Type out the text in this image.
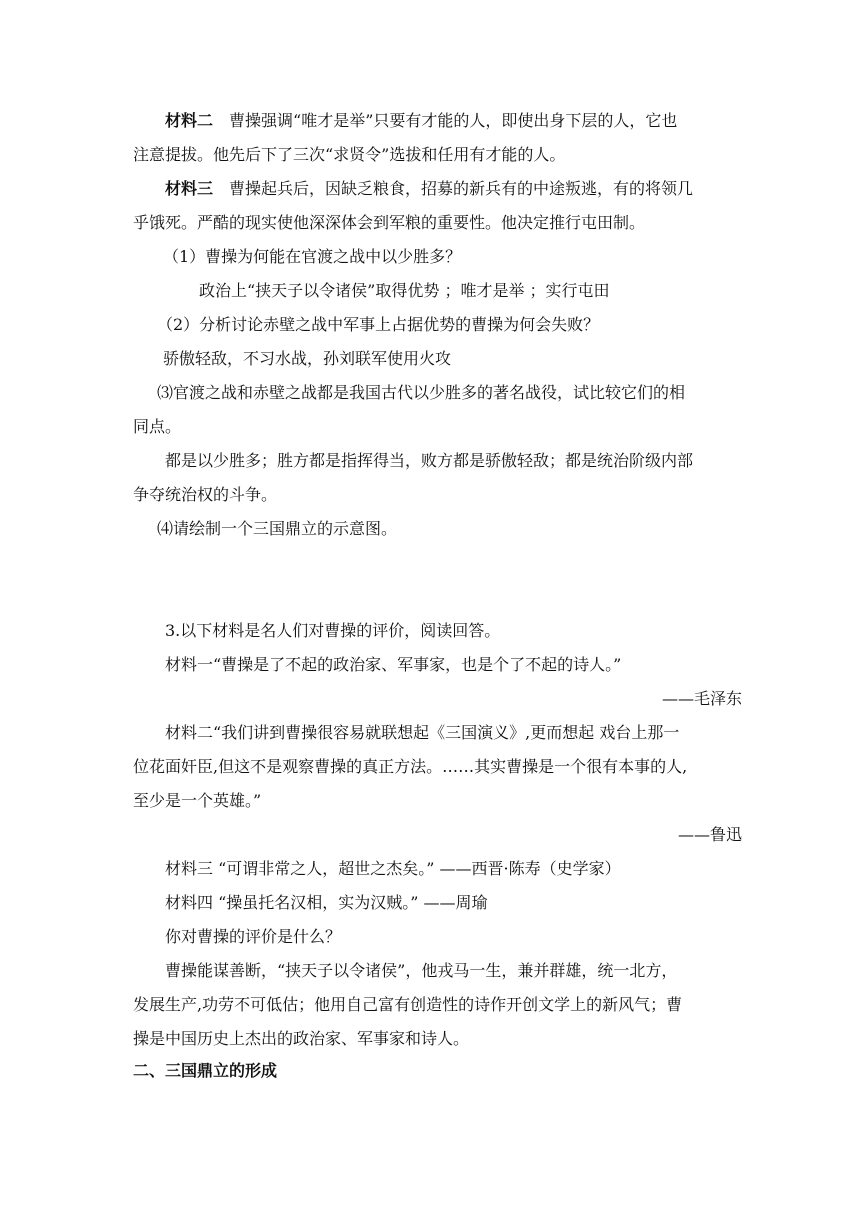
材料二  曹操强调“唯才是举”只要有才能的人，即使出身下层的人，它也
注意提拔。他先后下了三次“求贤令”选拔和任用有才能的人。
材料三  曹操起兵后，因缺乏粮食，招募的新兵有的中途叛逃，有的将领几
乎饿死。严酷的现实使他深深体会到军粮的重要性。他决定推行屯田制。
（1）曹操为何能在官渡之战中以少胜多？
政治上“挟天子以令诸侯”取得优势 ；唯才是举 ；实行屯田
（2）分析讨论赤壁之战中军事上占据优势的曹操为何会失败？
骄傲轻敌，不习水战，孙刘联军使用火攻
⑶官渡之战和赤壁之战都是我国古代以少胜多的著名战役，试比较它们的相
同点。
都是以少胜多；胜方都是指挥得当，败方都是骄傲轻敌；都是统治阶级内部
争夺统治权的斗争。
⑷请绘制一个三国鼎立的示意图。
3.以下材料是名人们对曹操的评价，阅读回答。
材料一“曹操是了不起的政治家、军事家，也是个了不起的诗人。”
——毛泽东
材料二“我们讲到曹操很容易就联想起《三国演义》,更而想起 戏台上那一
位花面奸臣,但这不是观察曹操的真正方法。……其实曹操是一个很有本事的人,
至少是一个英雄。”
——鲁迅
材料三 “可谓非常之人，超世之杰矣。” ——西晋·陈寿（史学家）
材料四 “操虽托名汉相，实为汉贼。” ——周瑜
你对曹操的评价是什么？
曹操能谋善断，“挟天子以令诸侯”，他戎马一生，兼并群雄，统一北方，
发展生产,功劳不可低估；他用自己富有创造性的诗作开创文学上的新风气；曹
操是中国历史上杰出的政治家、军事家和诗人。
二、三国鼎立的形成
